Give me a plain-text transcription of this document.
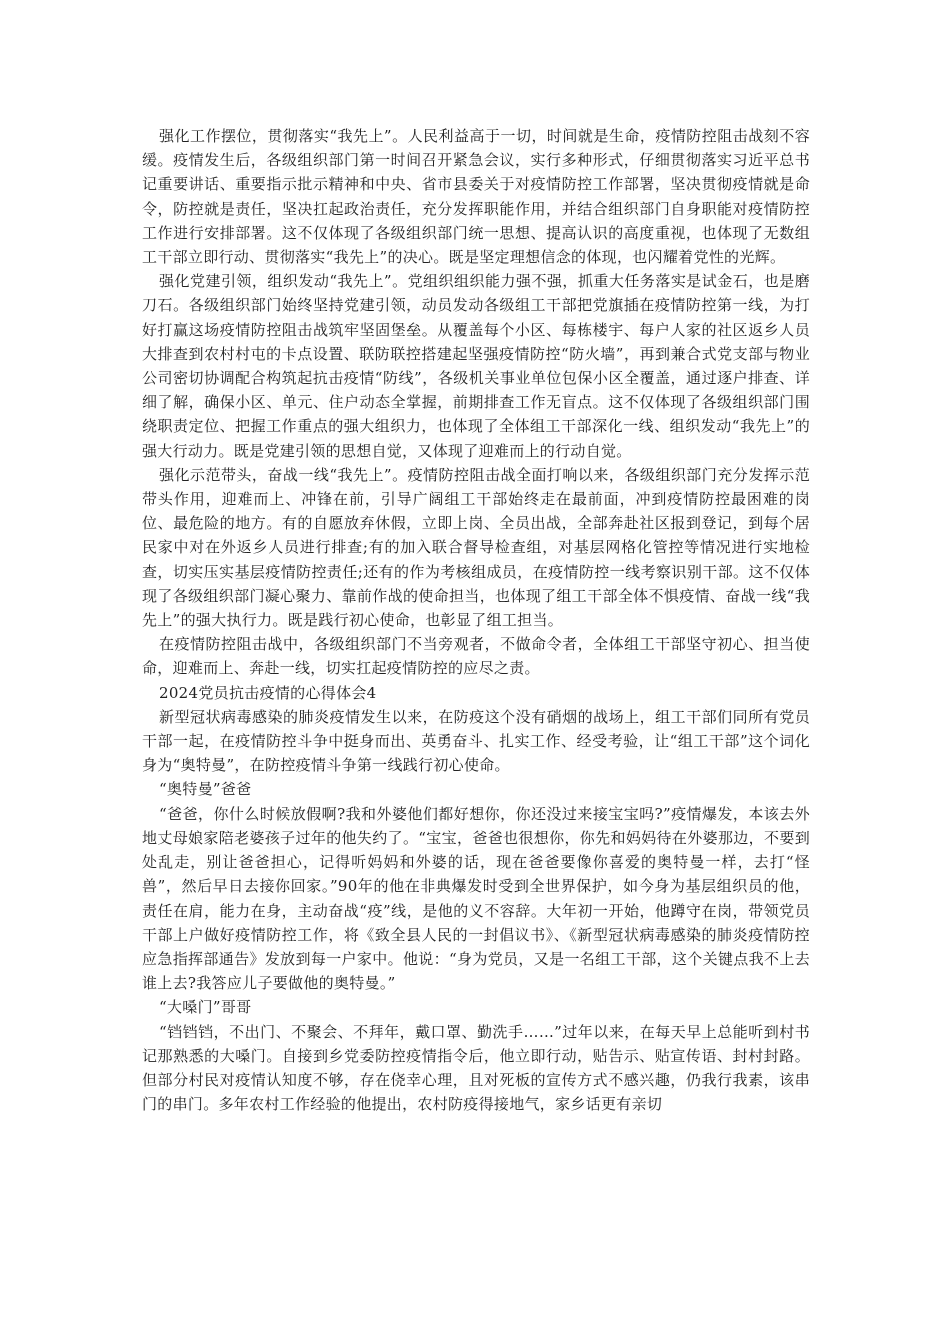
强化工作摆位，贯彻落实“我先上”。人民利益高于一切，时间就是生命，疫情防控阻击战刻不容缓。疫情发生后，各级组织部门第一时间召开紧急会议，实行多种形式，仔细贯彻落实习近平总书记重要讲话、重要指示批示精神和中央、省市县委关于对疫情防控工作部署，坚决贯彻疫情就是命令，防控就是责任，坚决扛起政治责任，充分发挥职能作用，并结合组织部门自身职能对疫情防控工作进行安排部署。这不仅体现了各级组织部门统一思想、提高认识的高度重视，也体现了无数组工干部立即行动、贯彻落实“我先上”的决心。既是坚定理想信念的体现，也闪耀着党性的光辉。

强化党建引领，组织发动“我先上”。党组织组织能力强不强，抓重大任务落实是试金石，也是磨刀石。各级组织部门始终坚持党建引领，动员发动各级组工干部把党旗插在疫情防控第一线，为打好打赢这场疫情防控阻击战筑牢坚固堡垒。从覆盖每个小区、每栋楼宇、每户人家的社区返乡人员大排查到农村村屯的卡点设置、联防联控搭建起坚强疫情防控“防火墙”，再到兼合式党支部与物业公司密切协调配合构筑起抗击疫情“防线”，各级机关事业单位包保小区全覆盖，通过逐户排查、详细了解，确保小区、单元、住户动态全掌握，前期排查工作无盲点。这不仅体现了各级组织部门围绕职责定位、把握工作重点的强大组织力，也体现了全体组工干部深化一线、组织发动“我先上”的强大行动力。既是党建引领的思想自觉，又体现了迎难而上的行动自觉。

强化示范带头，奋战一线“我先上”。疫情防控阻击战全面打响以来，各级组织部门充分发挥示范带头作用，迎难而上、冲锋在前，引导广阔组工干部始终走在最前面，冲到疫情防控最困难的岗位、最危险的地方。有的自愿放弃休假，立即上岗、全员出战，全部奔赴社区报到登记，到每个居民家中对在外返乡人员进行排查;有的加入联合督导检查组，对基层网格化管控等情况进行实地检查，切实压实基层疫情防控责任;还有的作为考核组成员，在疫情防控一线考察识别干部。这不仅体现了各级组织部门凝心聚力、靠前作战的使命担当，也体现了组工干部全体不惧疫情、奋战一线“我先上”的强大执行力。既是践行初心使命，也彰显了组工担当。

在疫情防控阻击战中，各级组织部门不当旁观者，不做命令者，全体组工干部坚守初心、担当使命，迎难而上、奔赴一线，切实扛起疫情防控的应尽之责。

2024党员抗击疫情的心得体会4

新型冠状病毒感染的肺炎疫情发生以来，在防疫这个没有硝烟的战场上，组工干部们同所有党员干部一起，在疫情防控斗争中挺身而出、英勇奋斗、扎实工作、经受考验，让“组工干部”这个词化身为“奥特曼”，在防控疫情斗争第一线践行初心使命。

“奥特曼”爸爸

“爸爸，你什么时候放假啊?我和外婆他们都好想你，你还没过来接宝宝吗?”疫情爆发，本该去外地丈母娘家陪老婆孩子过年的他失约了。“宝宝，爸爸也很想你，你先和妈妈待在外婆那边，不要到处乱走，别让爸爸担心，记得听妈妈和外婆的话，现在爸爸要像你喜爱的奥特曼一样，去打“怪兽”，然后早日去接你回家。”90年的他在非典爆发时受到全世界保护，如今身为基层组织员的他，责任在肩，能力在身，主动奋战“疫”线，是他的义不容辞。大年初一开始，他蹲守在岗，带领党员干部上户做好疫情防控工作，将《致全县人民的一封倡议书》、《新型冠状病毒感染的肺炎疫情防控应急指挥部通告》发放到每一户家中。他说：“身为党员，又是一名组工干部，这个关键点我不上去谁上去?我答应儿子要做他的奥特曼。”

“大嗓门”哥哥

“铛铛铛，不出门、不聚会、不拜年，戴口罩、勤洗手……”过年以来，在每天早上总能听到村书记那熟悉的大嗓门。自接到乡党委防控疫情指令后，他立即行动，贴告示、贴宣传语、封村封路。但部分村民对疫情认知度不够，存在侥幸心理，且对死板的宣传方式不感兴趣，仍我行我素，该串门的串门。多年农村工作经验的他提出，农村防疫得接地气，家乡话更有亲切
